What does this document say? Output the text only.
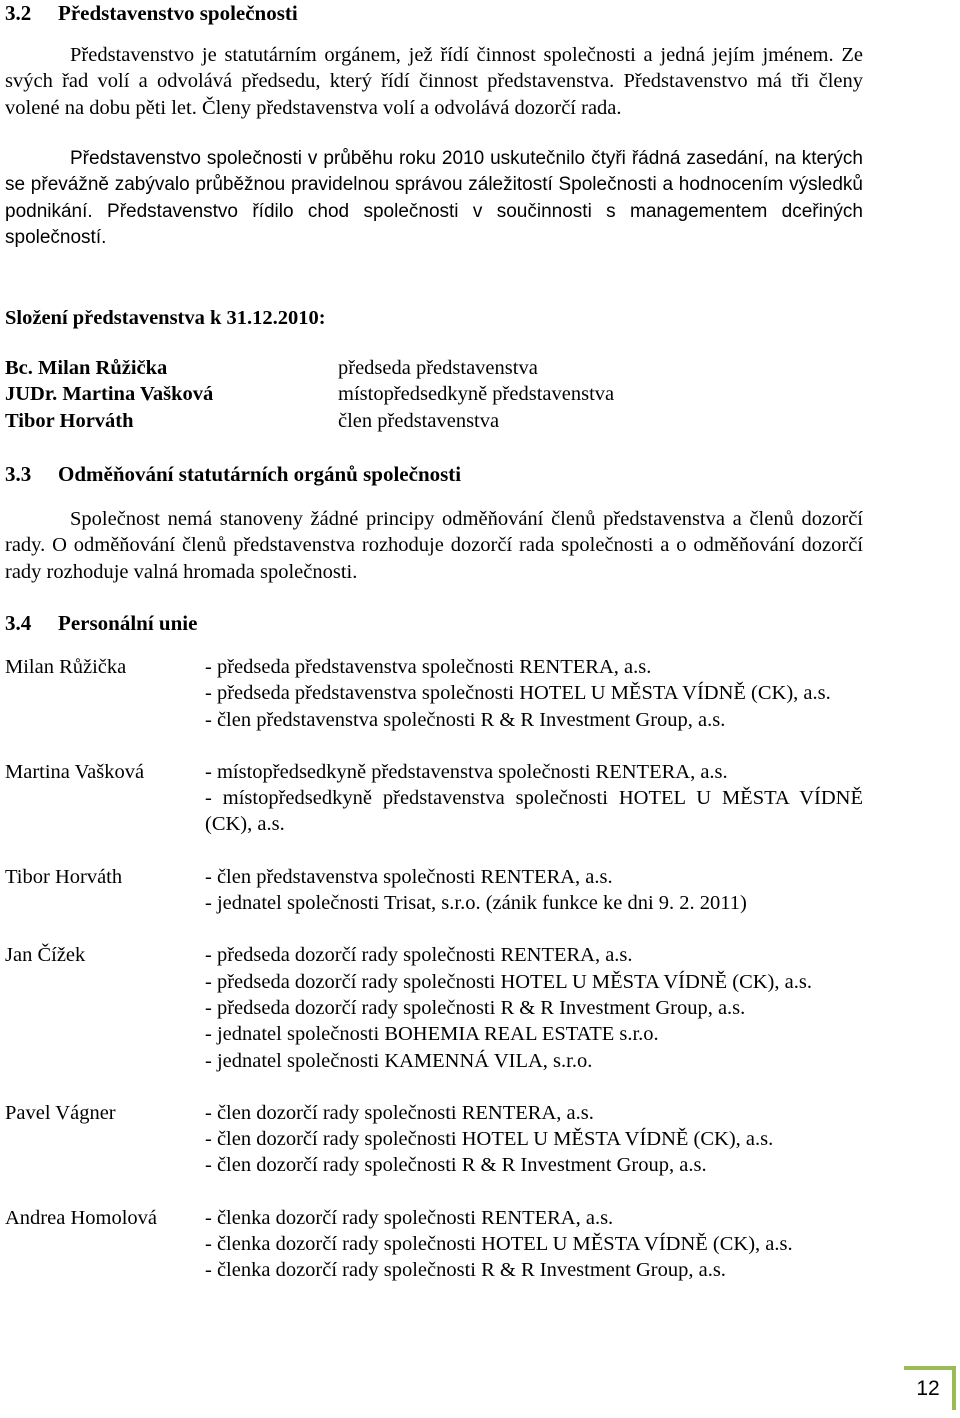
3.2	Představenstvo společnosti

Představenstvo je statutárním orgánem, jež řídí činnost společnosti a jedná jejím jménem. Ze svých řad volí a odvolává předsedu, který řídí činnost představenstva. Představenstvo má tři členy volené na dobu pěti let. Členy představenstva volí a odvolává dozorčí rada.

Představenstvo společnosti v průběhu roku 2010 uskutečnilo čtyři řádná zasedání, na kterých se převážně zabývalo průběžnou pravidelnou správou záležitostí Společnosti a hodnocením výsledků podnikání. Představenstvo řídilo chod společnosti v součinnosti s managementem dceřiných společností.

Složení představenstva k 31.12.2010:
Bc. Milan Růžička	předseda představenstva
JUDr. Martina Vašková	místopředsedkyně představenstva
Tibor Horváth	člen představenstva
3.3	Odměňování statutárních orgánů společnosti

Společnost nemá stanoveny žádné principy odměňování členů představenstva a členů dozorčí rady. O odměňování členů představenstva rozhoduje dozorčí rada společnosti a o odměňování dozorčí rady rozhoduje valná hromada společnosti.

3.4	Personální unie
Milan Růžička	- předseda představenstva společnosti RENTERA, a.s.
- předseda představenstva společnosti HOTEL U MĚSTA VÍDNĚ (CK), a.s.
- člen představenstva společnosti R & R Investment Group, a.s.
Martina Vašková	- místopředsedkyně představenstva společnosti RENTERA, a.s.
- místopředsedkyně představenstva společnosti HOTEL U MĚSTA VÍDNĚ (CK), a.s.
Tibor Horváth	- člen představenstva společnosti RENTERA, a.s.
- jednatel společnosti Trisat, s.r.o. (zánik funkce ke dni 9. 2. 2011)
Jan Čížek	- předseda dozorčí rady společnosti RENTERA, a.s.
- předseda dozorčí rady společnosti HOTEL U MĚSTA VÍDNĚ (CK), a.s.
- předseda dozorčí rady společnosti R & R Investment Group, a.s.
- jednatel společnosti BOHEMIA REAL ESTATE s.r.o.
- jednatel společnosti KAMENNÁ VILA, s.r.o.
Pavel Vágner	- člen dozorčí rady společnosti RENTERA, a.s.
- člen dozorčí rady společnosti HOTEL U MĚSTA VÍDNĚ (CK), a.s.
- člen dozorčí rady společnosti R & R Investment Group, a.s.
Andrea Homolová	- členka dozorčí rady společnosti RENTERA, a.s.
- členka dozorčí rady společnosti HOTEL U MĚSTA VÍDNĚ (CK), a.s.
- členka dozorčí rady společnosti R & R Investment Group, a.s.
12
